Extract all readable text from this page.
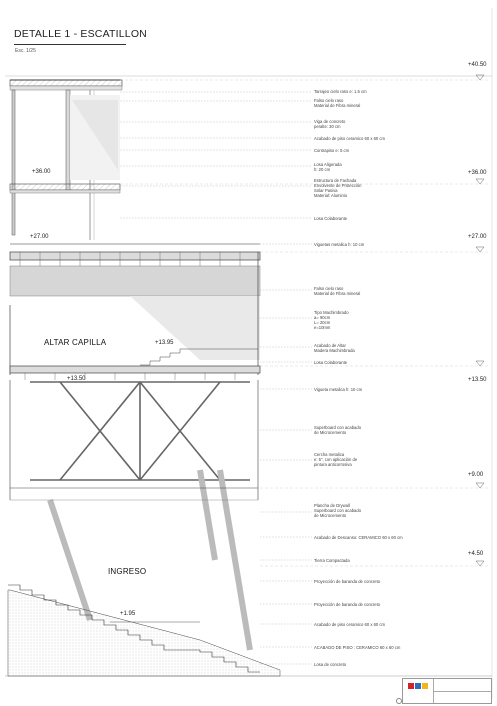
DETALLE 1 - ESCATILLON
Esc. 1/25
+36.00
+27.00
+13.95
+13.50
+1.95
ALTAR CAPILLA
INGRESO
+40.50
+36.00
+27.00
+13.50
+9.00
+4.50
Tarrajeo cielo raso e: 1.5 cm
Falso cielo raso
Material de Fibra mineral
Viga de concreto
peralte: 30 cm
Acabado de piso ceramico 60 x 60 cm
Contrapiso e: 5 cm
Losa Aligerada
h: 20 cm
Estructura de Fachada
Envolvente de Protección
Solar Pasiva
Material: Aluminio
Losa Colaborante
Viguetas metalica h: 10 cm
Falso cielo raso
Material de Fibra mineral
Tipo Machimbrado
a= 90cm
L= 20cm
e=10mm
Acabado de Altar
Madera Machimbrada
Losa Colaborante
Vigueta metalica h: 10 cm
Superboard con acabado
de Microcemento
Cercha metalica
e: 5", con aplicación de
pintura anticorrosiva
Plancha de Drywall
Superboard con acabado
de Microcemento
Acabado de Descanso: CERAMICO 60 x 60 cm
Tierra Compactada
Proyección de baranda de concreto
Proyección de baranda de concreto
Acabado de piso ceramico 60 x 60 cm
ACABADO DE PISO : CERAMICO 60 x 60 cm
Losa de concreto
